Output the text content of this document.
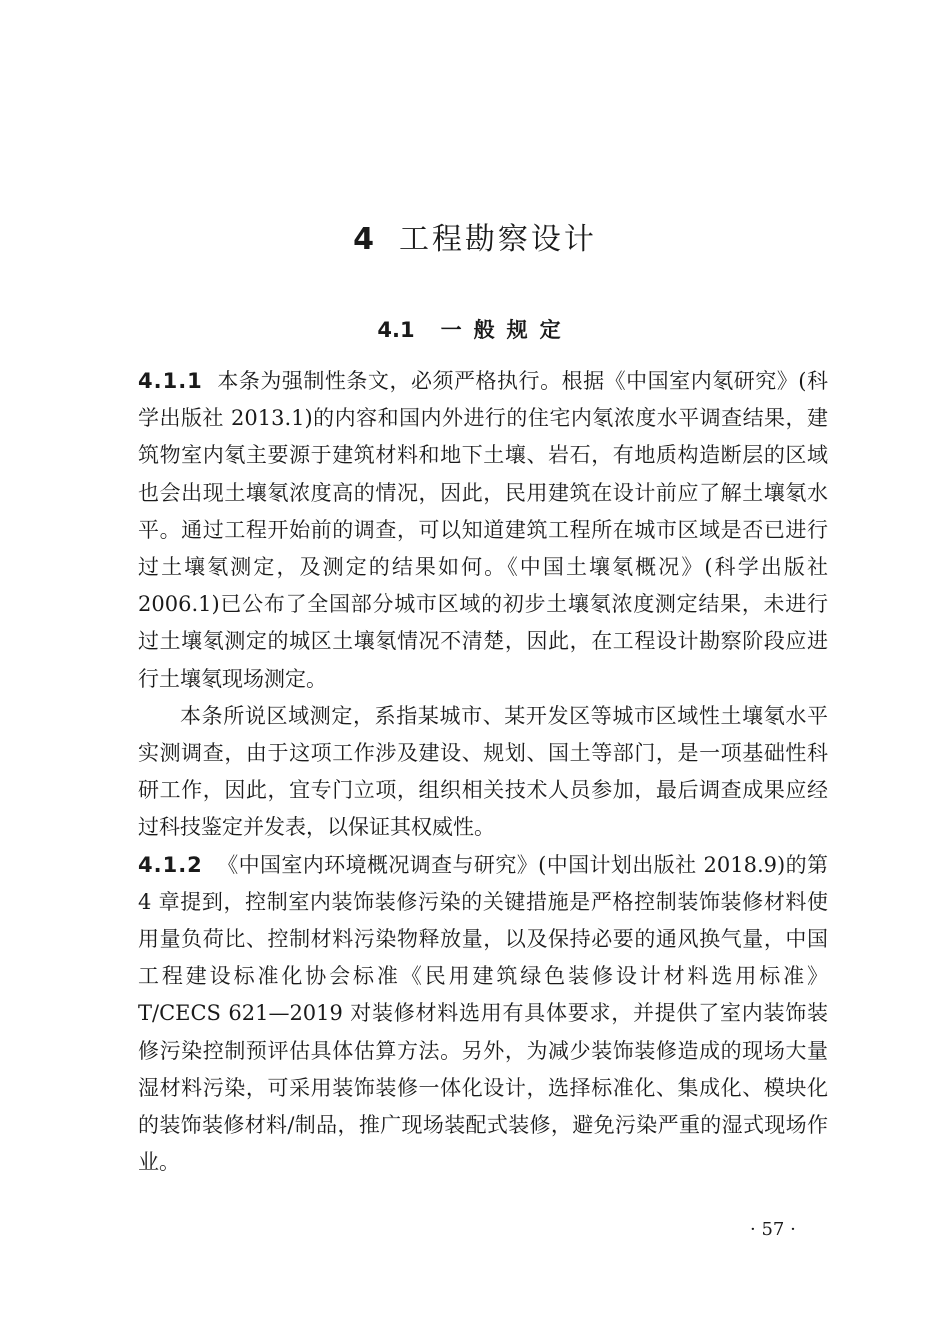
4 工程勘察设计
4.1 一般规定

4.1.1 本条为强制性条文，必须严格执行。根据《中国室内氡研究》(科学出版社 2013.1)的内容和国内外进行的住宅内氡浓度水平调查结果，建筑物室内氡主要源于建筑材料和地下土壤、岩石，有地质构造断层的区域也会出现土壤氡浓度高的情况，因此，民用建筑在设计前应了解土壤氡水平。通过工程开始前的调查，可以知道建筑工程所在城市区域是否已进行过土壤氡测定，及测定的结果如何。《中国土壤氡概况》(科学出版社 2006.1)已公布了全国部分城市区域的初步土壤氡浓度测定结果，未进行过土壤氡测定的城区土壤氡情况不清楚，因此，在工程设计勘察阶段应进行土壤氡现场测定。

本条所说区域测定，系指某城市、某开发区等城市区域性土壤氡水平实测调查，由于这项工作涉及建设、规划、国土等部门，是一项基础性科研工作，因此，宜专门立项，组织相关技术人员参加，最后调查成果应经过科技鉴定并发表，以保证其权威性。

4.1.2 《中国室内环境概况调查与研究》(中国计划出版社 2018.9)的第 4 章提到，控制室内装饰装修污染的关键措施是严格控制装饰装修材料使用量负荷比、控制材料污染物释放量，以及保持必要的通风换气量，中国工程建设标准化协会标准《民用建筑绿色装修设计材料选用标准》T/CECS 621—2019 对装修材料选用有具体要求，并提供了室内装饰装修污染控制预评估具体估算方法。另外，为减少装饰装修造成的现场大量湿材料污染，可采用装饰装修一体化设计，选择标准化、集成化、模块化的装饰装修材料/制品，推广现场装配式装修，避免污染严重的湿式现场作业。

· 57 ·
